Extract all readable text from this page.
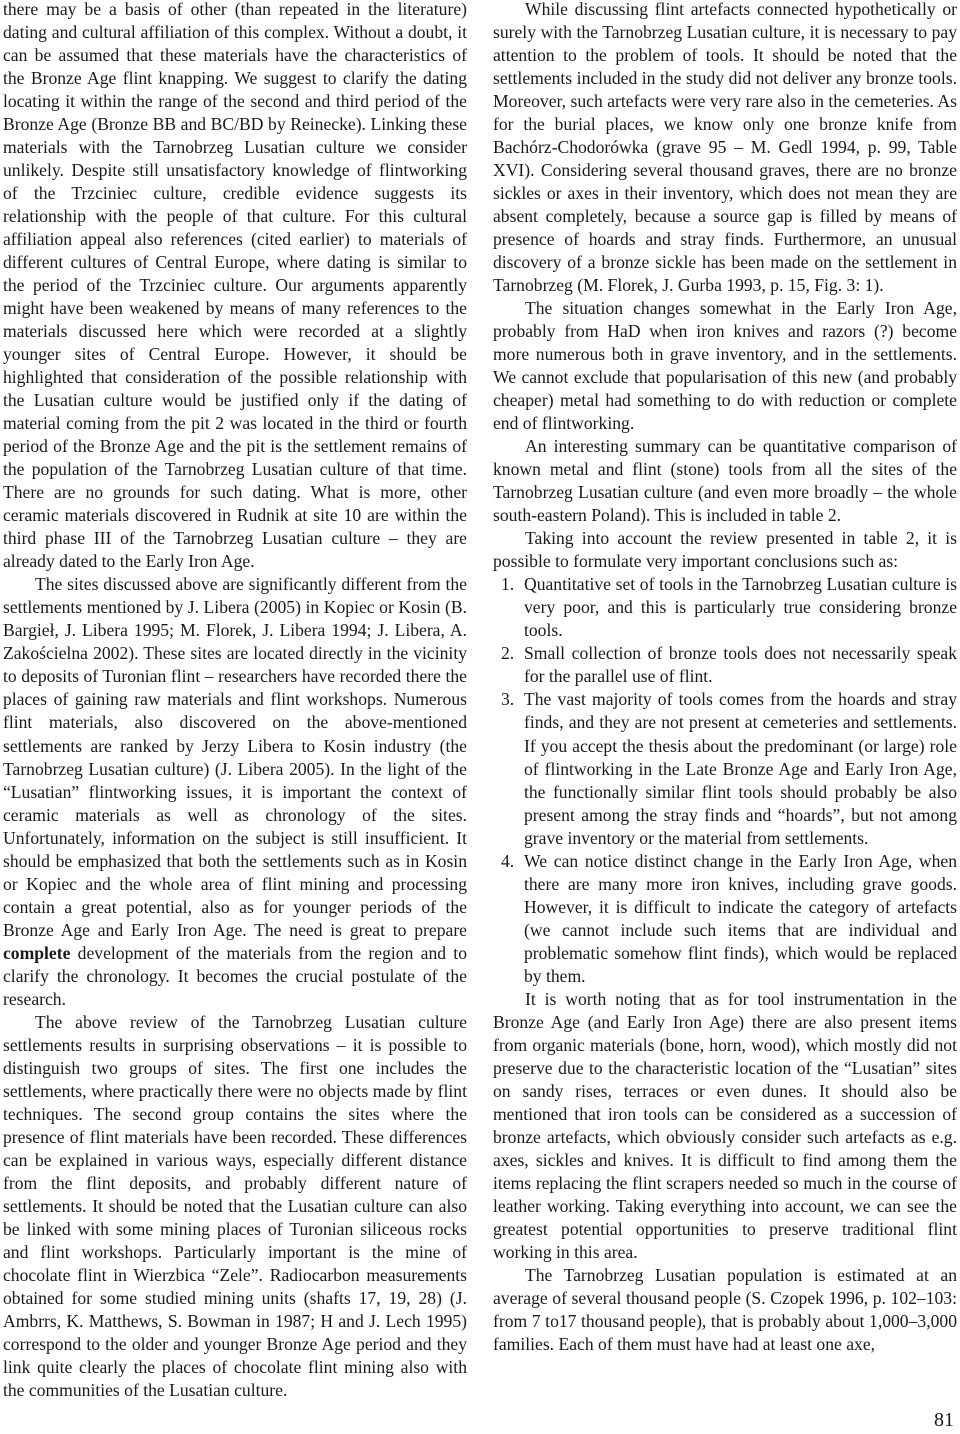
there may be a basis of other (than repeated in the literature) dating and cultural affiliation of this complex. Without a doubt, it can be assumed that these materials have the characteristics of the Bronze Age flint knapping. We suggest to clarify the dating locating it within the range of the second and third period of the Bronze Age (Bronze BB and BC/BD by Reinecke). Linking these materials with the Tarnobrzeg Lusatian culture we consider unlikely. Despite still unsatisfactory knowledge of flintworking of the Trzciniec culture, credible evidence suggests its relationship with the people of that culture. For this cultural affiliation appeal also references (cited earlier) to materials of different cultures of Central Europe, where dating is similar to the period of the Trzciniec culture. Our arguments apparently might have been weakened by means of many references to the materials discussed here which were recorded at a slightly younger sites of Central Europe. However, it should be highlighted that consideration of the possible relationship with the Lusatian culture would be justified only if the dating of material coming from the pit 2 was located in the third or fourth period of the Bronze Age and the pit is the settlement remains of the population of the Tarnobrzeg Lusatian culture of that time. There are no grounds for such dating. What is more, other ceramic materials discovered in Rudnik at site 10 are within the third phase III of the Tarnobrzeg Lusatian culture – they are already dated to the Early Iron Age.

The sites discussed above are significantly different from the settlements mentioned by J. Libera (2005) in Kopiec or Kosin (B. Bargieł, J. Libera 1995; M. Florek, J. Libera 1994; J. Libera, A. Zakościelna 2002). These sites are located directly in the vicinity to deposits of Turonian flint – researchers have recorded there the places of gaining raw materials and flint workshops. Numerous flint materials, also discovered on the above-mentioned settlements are ranked by Jerzy Libera to Kosin industry (the Tarnobrzeg Lusatian culture) (J. Libera 2005). In the light of the “Lusatian” flintworking issues, it is important the context of ceramic materials as well as chronology of the sites. Unfortunately, information on the subject is still insufficient. It should be emphasized that both the settlements such as in Kosin or Kopiec and the whole area of flint mining and processing contain a great potential, also as for younger periods of the Bronze Age and Early Iron Age. The need is great to prepare complete development of the materials from the region and to clarify the chronology. It becomes the crucial postulate of the research.

The above review of the Tarnobrzeg Lusatian culture settlements results in surprising observations – it is possible to distinguish two groups of sites. The first one includes the settlements, where practically there were no objects made by flint techniques. The second group contains the sites where the presence of flint materials have been recorded. These differences can be explained in various ways, especially different distance from the flint deposits, and probably different nature of settlements. It should be noted that the Lusatian culture can also be linked with some mining places of Turonian siliceous rocks and flint workshops. Particularly important is the mine of chocolate flint in Wierzbica “Zele”. Radiocarbon measurements obtained for some studied mining units (shafts 17, 19, 28) (J. Ambrrs, K. Matthews, S. Bowman in 1987; H and J. Lech 1995) correspond to the older and younger Bronze Age period and they link quite clearly the places of chocolate flint mining also with the communities of the Lusatian culture.

While discussing flint artefacts connected hypothetically or surely with the Tarnobrzeg Lusatian culture, it is necessary to pay attention to the problem of tools. It should be noted that the settlements included in the study did not deliver any bronze tools. Moreover, such artefacts were very rare also in the cemeteries. As for the burial places, we know only one bronze knife from Bachórz-Chodorówka (grave 95 – M. Gedl 1994, p. 99, Table XVI). Considering several thousand graves, there are no bronze sickles or axes in their inventory, which does not mean they are absent completely, because a source gap is filled by means of presence of hoards and stray finds. Furthermore, an unusual discovery of a bronze sickle has been made on the settlement in Tarnobrzeg (M. Florek, J. Gurba 1993, p. 15, Fig. 3: 1).

The situation changes somewhat in the Early Iron Age, probably from HaD when iron knives and razors (?) become more numerous both in grave inventory, and in the settlements. We cannot exclude that popularisation of this new (and probably cheaper) metal had something to do with reduction or complete end of flintworking.

An interesting summary can be quantitative comparison of known metal and flint (stone) tools from all the sites of the Tarnobrzeg Lusatian culture (and even more broadly – the whole south-eastern Poland). This is included in table 2.

Taking into account the review presented in table 2, it is possible to formulate very important conclusions such as:

1. Quantitative set of tools in the Tarnobrzeg Lusatian culture is very poor, and this is particularly true considering bronze tools.
2. Small collection of bronze tools does not necessarily speak for the parallel use of flint.
3. The vast majority of tools comes from the hoards and stray finds, and they are not present at cemeteries and settlements. If you accept the thesis about the predominant (or large) role of flintworking in the Late Bronze Age and Early Iron Age, the functionally similar flint tools should probably be also present among the stray finds and “hoards”, but not among grave inventory or the material from settlements.
4. We can notice distinct change in the Early Iron Age, when there are many more iron knives, including grave goods. However, it is difficult to indicate the category of artefacts (we cannot include such items that are individual and problematic somehow flint finds), which would be replaced by them.

It is worth noting that as for tool instrumentation in the Bronze Age (and Early Iron Age) there are also present items from organic materials (bone, horn, wood), which mostly did not preserve due to the characteristic location of the “Lusatian” sites on sandy rises, terraces or even dunes. It should also be mentioned that iron tools can be considered as a succession of bronze artefacts, which obviously consider such artefacts as e.g. axes, sickles and knives. It is difficult to find among them the items replacing the flint scrapers needed so much in the course of leather working. Taking everything into account, we can see the greatest potential opportunities to preserve traditional flint working in this area.

The Tarnobrzeg Lusatian population is estimated at an average of several thousand people (S. Czopek 1996, p. 102–103: from 7 to17 thousand people), that is probably about 1,000–3,000 families. Each of them must have had at least one axe,

81
